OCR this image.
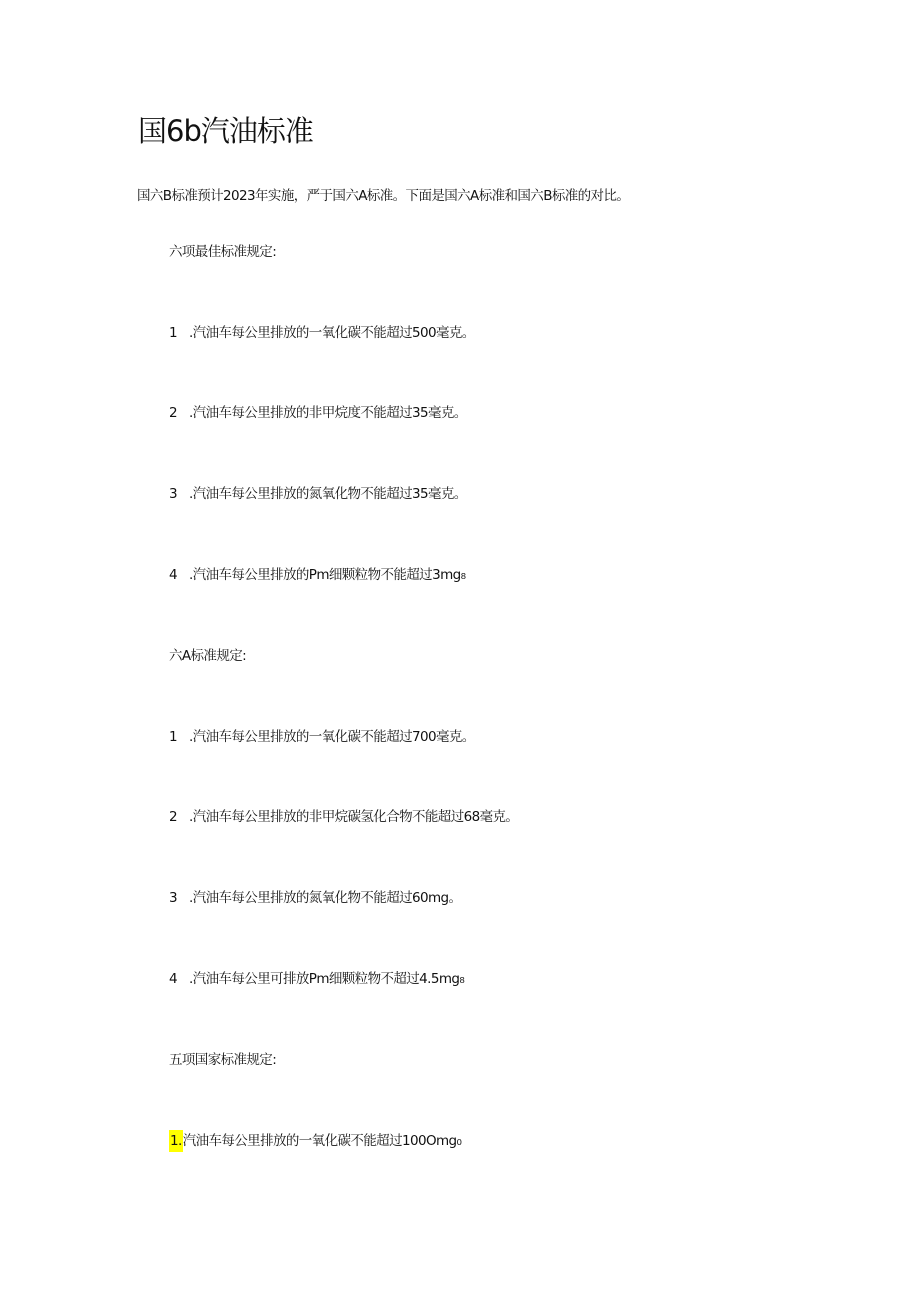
国6b汽油标准
国六B标准预计2023年实施，严于国六A标准。下面是国六A标准和国六B标准的对比。
六项最佳标准规定:
1 .汽油车每公里排放的一氧化碳不能超过500毫克。
2 .汽油车每公里排放的非甲烷度不能超过35毫克。
3 .汽油车每公里排放的氮氧化物不能超过35毫克。
4 .汽油车每公里排放的Pm细颗粒物不能超过3mg₈
六A标准规定:
1 .汽油车每公里排放的一氧化碳不能超过700毫克。
2 .汽油车每公里排放的非甲烷碳氢化合物不能超过68毫克。
3 .汽油车每公里排放的氮氧化物不能超过60mg。
4 .汽油车每公里可排放Pm细颗粒物不超过4.5mg₈
五项国家标准规定:
1.汽油车每公里排放的一氧化碳不能超过100Omg₀
